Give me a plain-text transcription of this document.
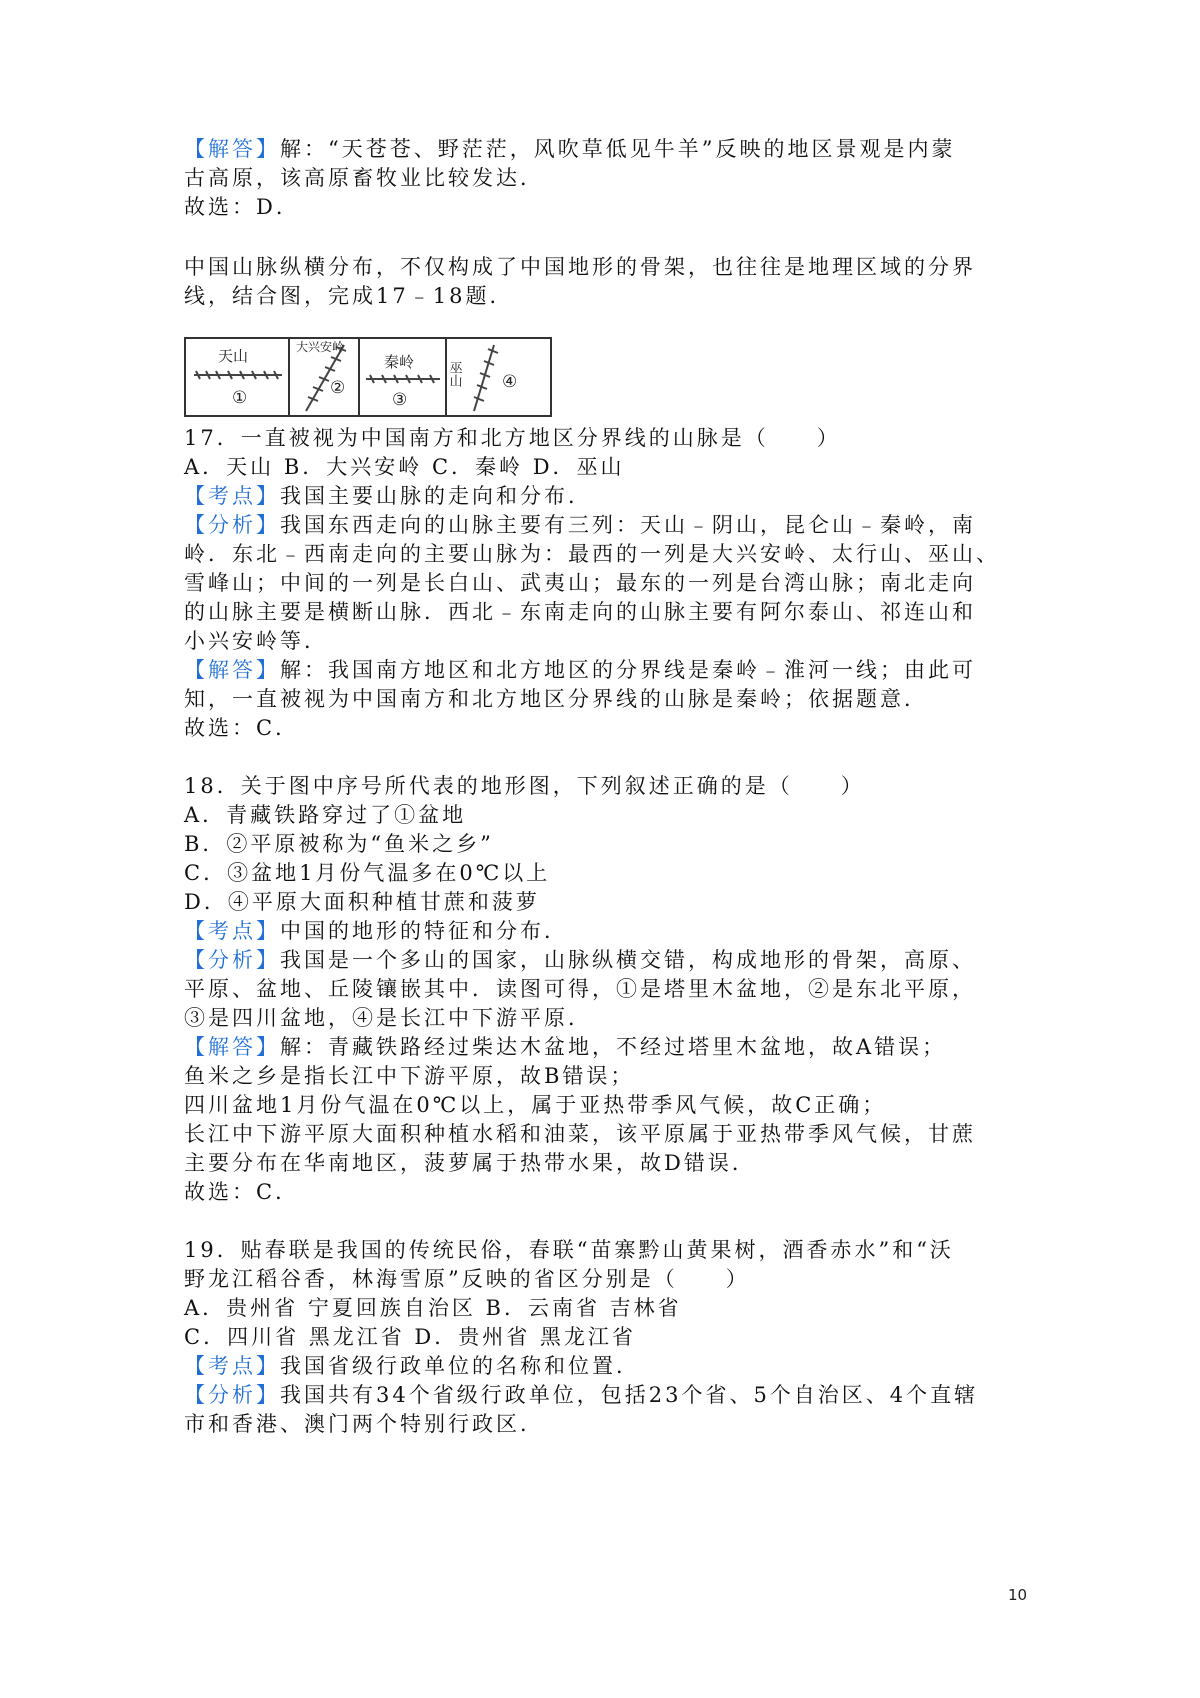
【解答】解：“天苍苍、野茫茫，风吹草低见牛羊”反映的地区景观是内蒙
古高原，该高原畜牧业比较发达．
故选：D．
中国山脉纵横分布，不仅构成了中国地形的骨架，也往往是地理区域的分界
线，结合图，完成17﹣18题．
天山
①
大兴安岭
②
秦岭
③
巫山 ④
17．一直被视为中国南方和北方地区分界线的山脉是（　　）
A．天山 B．大兴安岭 C．秦岭 D．巫山
【考点】我国主要山脉的走向和分布．
【分析】我国东西走向的山脉主要有三列：天山﹣阴山，昆仑山﹣秦岭，南
岭．东北﹣西南走向的主要山脉为：最西的一列是大兴安岭、太行山、巫山、
雪峰山；中间的一列是长白山、武夷山；最东的一列是台湾山脉；南北走向
的山脉主要是横断山脉．西北﹣东南走向的山脉主要有阿尔泰山、祁连山和
小兴安岭等．
【解答】解：我国南方地区和北方地区的分界线是秦岭﹣淮河一线；由此可
知，一直被视为中国南方和北方地区分界线的山脉是秦岭；依据题意．
故选：C．
18．关于图中序号所代表的地形图，下列叙述正确的是（　　）
A．青藏铁路穿过了①盆地
B．②平原被称为“鱼米之乡”
C．③盆地1月份气温多在0℃以上
D．④平原大面积种植甘蔗和菠萝
【考点】中国的地形的特征和分布．
【分析】我国是一个多山的国家，山脉纵横交错，构成地形的骨架，高原、
平原、盆地、丘陵镶嵌其中．读图可得，①是塔里木盆地，②是东北平原，
③是四川盆地，④是长江中下游平原．
【解答】解：青藏铁路经过柴达木盆地，不经过塔里木盆地，故A错误；
鱼米之乡是指长江中下游平原，故B错误；
四川盆地1月份气温在0℃以上，属于亚热带季风气候，故C正确；
长江中下游平原大面积种植水稻和油菜，该平原属于亚热带季风气候，甘蔗
主要分布在华南地区，菠萝属于热带水果，故D错误．
故选：C．
19．贴春联是我国的传统民俗，春联“苗寨黔山黄果树，酒香赤水”和“沃
野龙江稻谷香，林海雪原”反映的省区分别是（　　）
A．贵州省 宁夏回族自治区 B．云南省 吉林省
C．四川省 黑龙江省 D．贵州省 黑龙江省
【考点】我国省级行政单位的名称和位置．
【分析】我国共有34个省级行政单位，包括23个省、5个自治区、4个直辖
市和香港、澳门两个特别行政区．
10
